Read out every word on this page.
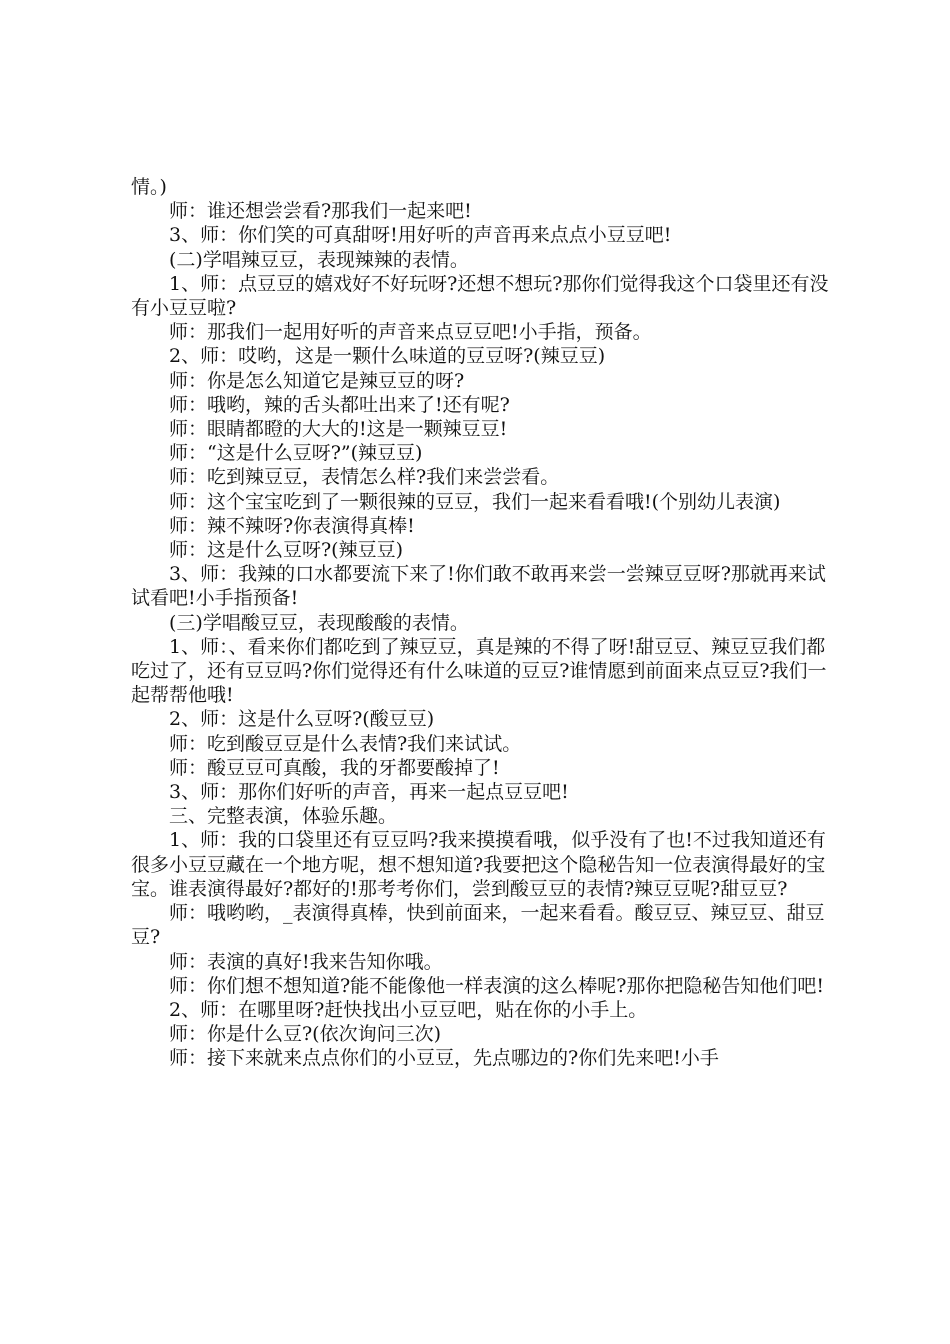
情。)

师：谁还想尝尝看?那我们一起来吧!

3、师：你们笑的可真甜呀!用好听的声音再来点点小豆豆吧!

(二)学唱辣豆豆，表现辣辣的表情。

1、师：点豆豆的嬉戏好不好玩呀?还想不想玩?那你们觉得我这个口袋里还有没有小豆豆啦?

师：那我们一起用好听的声音来点豆豆吧!小手指，预备。

2、师：哎哟，这是一颗什么味道的豆豆呀?(辣豆豆)

师：你是怎么知道它是辣豆豆的呀?

师：哦哟，辣的舌头都吐出来了!还有呢?

师：眼睛都瞪的大大的!这是一颗辣豆豆!

师：“这是什么豆呀?”(辣豆豆)

师：吃到辣豆豆，表情怎么样?我们来尝尝看。

师：这个宝宝吃到了一颗很辣的豆豆，我们一起来看看哦!(个别幼儿表演)

师：辣不辣呀?你表演得真棒!

师：这是什么豆呀?(辣豆豆)

3、师：我辣的口水都要流下来了!你们敢不敢再来尝一尝辣豆豆呀?那就再来试试看吧!小手指预备!

(三)学唱酸豆豆，表现酸酸的表情。

1、师：、看来你们都吃到了辣豆豆，真是辣的不得了呀!甜豆豆、辣豆豆我们都吃过了，还有豆豆吗?你们觉得还有什么味道的豆豆?谁情愿到前面来点豆豆?我们一起帮帮他哦!

2、师：这是什么豆呀?(酸豆豆)

师：吃到酸豆豆是什么表情?我们来试试。

师：酸豆豆可真酸，我的牙都要酸掉了!

3、师：那你们好听的声音，再来一起点豆豆吧!

三、完整表演，体验乐趣。

1、师：我的口袋里还有豆豆吗?我来摸摸看哦，似乎没有了也!不过我知道还有很多小豆豆藏在一个地方呢，想不想知道?我要把这个隐秘告知一位表演得最好的宝宝。谁表演得最好?都好的!那考考你们，尝到酸豆豆的表情?辣豆豆呢?甜豆豆?

师：哦哟哟，_表演得真棒，快到前面来，一起来看看。酸豆豆、辣豆豆、甜豆豆?

师：表演的真好!我来告知你哦。

师：你们想不想知道?能不能像他一样表演的这么棒呢?那你把隐秘告知他们吧!

2、师：在哪里呀?赶快找出小豆豆吧，贴在你的小手上。

师：你是什么豆?(依次询问三次)

师：接下来就来点点你们的小豆豆，先点哪边的?你们先来吧!小手
